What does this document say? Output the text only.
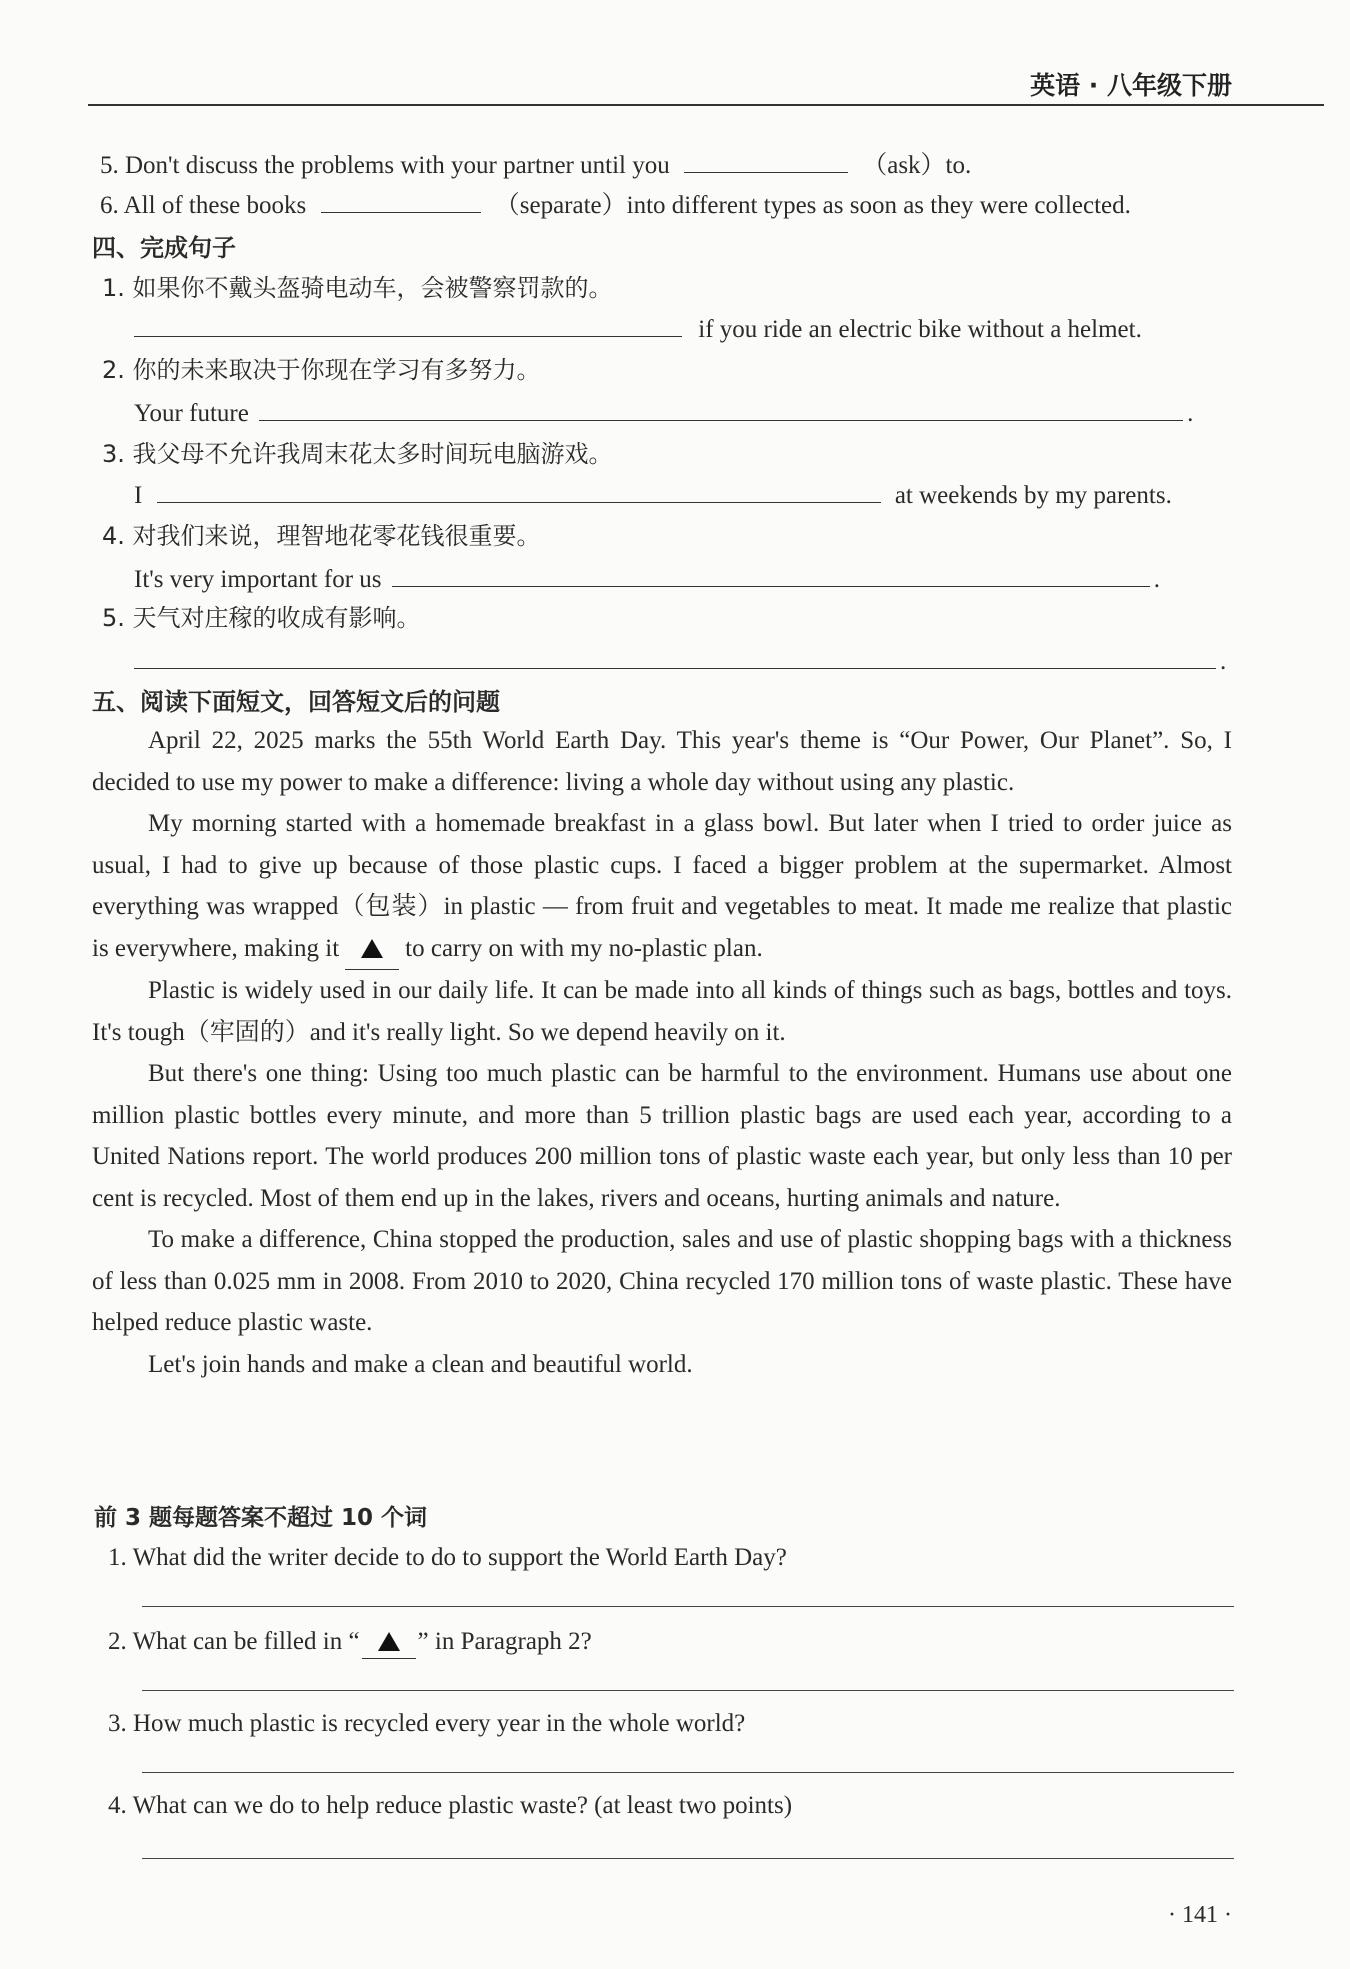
英语 · 八年级下册
5. Don't discuss the problems with your partner until you	（ask）to.
6. All of these books	（separate）into different types as soon as they were collected.
四、完成句子
1. 如果你不戴头盔骑电动车，会被警察罚款的。
if you ride an electric bike without a helmet.
2. 你的未来取决于你现在学习有多努力。
Your future	.
3. 我父母不允许我周末花太多时间玩电脑游戏。
I	at weekends by my parents.
4. 对我们来说，理智地花零花钱很重要。
It's very important for us	.
5. 天气对庄稼的收成有影响。
.
五、阅读下面短文，回答短文后的问题
April 22, 2025 marks the 55th World Earth Day. This year's theme is “Our Power, Our Planet”. So, I decided to use my power to make a difference: living a whole day without using any plastic.
My morning started with a homemade breakfast in a glass bowl. But later when I tried to order juice as usual, I had to give up because of those plastic cups. I faced a bigger problem at the supermarket. Almost everything was wrapped（包装）in plastic — from fruit and vegetables to meat. It made me realize that plastic is everywhere, making it	to carry on with my no-plastic plan.
Plastic is widely used in our daily life. It can be made into all kinds of things such as bags, bottles and toys. It's tough（牢固的）and it's really light. So we depend heavily on it.
But there's one thing: Using too much plastic can be harmful to the environment. Humans use about one million plastic bottles every minute, and more than 5 trillion plastic bags are used each year, according to a United Nations report. The world produces 200 million tons of plastic waste each year, but only less than 10 per cent is recycled. Most of them end up in the lakes, rivers and oceans, hurting animals and nature.
To make a difference, China stopped the production, sales and use of plastic shopping bags with a thickness of less than 0.025 mm in 2008. From 2010 to 2020, China recycled 170 million tons of waste plastic. These have helped reduce plastic waste.
Let's join hands and make a clean and beautiful world.
前 3 题每题答案不超过 10 个词
1. What did the writer decide to do to support the World Earth Day?
2. What can be filled in “ ” in Paragraph 2?
3. How much plastic is recycled every year in the whole world?
4. What can we do to help reduce plastic waste? (at least two points)
· 141 ·
